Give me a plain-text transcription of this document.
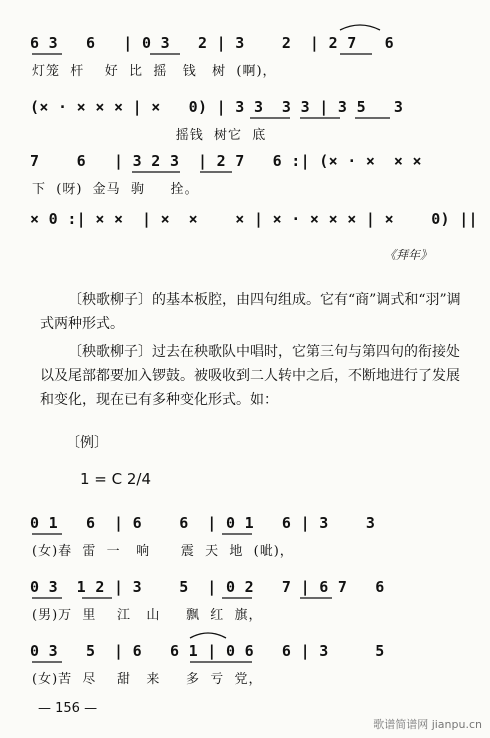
6 3   6   | 0 3   2 | 3    2  | 2 7   6
灯笼  杆    好  比  摇   钱   树  (啊)，
(× · × × × | ×   0) | 3 3  3 3 | 3 5   3
摇钱  树它  底
7    6   | 3 2 3  | 2 7   6 :| (× · ×  × ×
下  (呀)  金马  驹     拴。
× 0 :| × ×  | ×  ×    × | × · × × × | ×    0) ||
《拜年》
〔秧歌柳子〕的基本板腔，由四句组成。它有“商”调式和“羽”调式两种形式。
〔秧歌柳子〕过去在秧歌队中唱时，它第三句与第四句的衔接处以及尾部都要加入锣鼓。被吸收到二人转中之后，不断地进行了发展和变化，现在已有多种变化形式。如：
〔例〕
1 = C 2/4
0 1   6  | 6    6  | 0 1   6 | 3    3
(女)春  雷  一   响      震  天  地  (呲)，
0 3  1 2 | 3    5  | 0 2   7 | 6 7   6
(男)万  里    江   山     飘  红  旗，
0 3   5  | 6   6 1 | 0 6   6 | 3     5
(女)苦  尽    甜   来     多  亏  党，
— 156 —
歌谱简谱网 jianpu.cn
